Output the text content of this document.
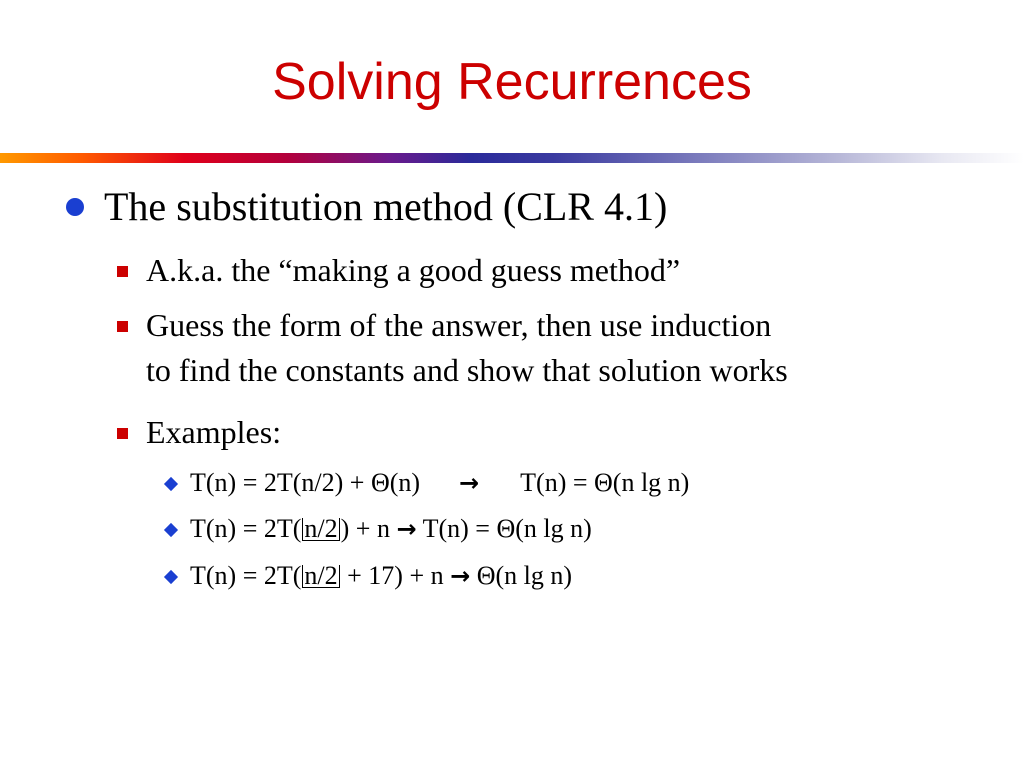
Solving Recurrences
The substitution method (CLR 4.1)
A.k.a. the “making a good guess method”
Guess the form of the answer, then use induction
to find the constants and show that solution works
Examples:
T(n) = 2T(n/2) + Θ(n) → T(n) = Θ(n lg n)
T(n) = 2T( n/2 ) + n → T(n) = Θ(n lg n)
T(n) = 2T( n/2 + 17) + n → Θ(n lg n)
